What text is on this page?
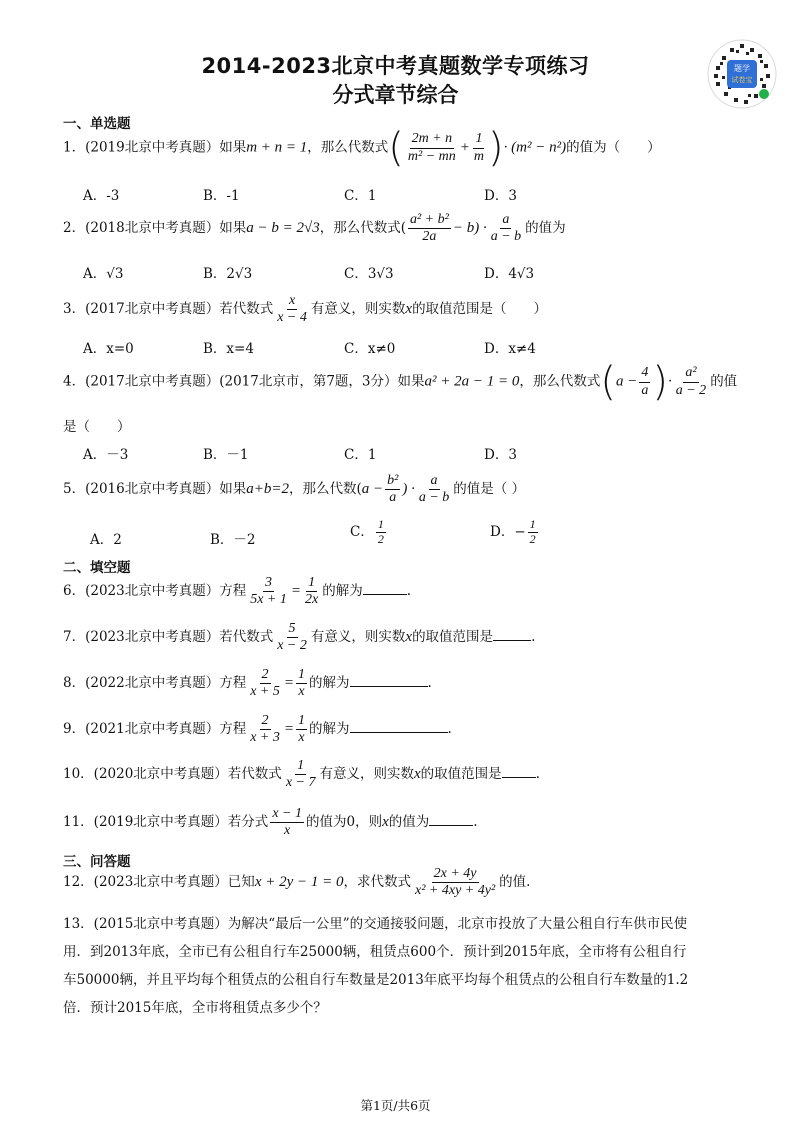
2014-2023北京中考真题数学专项练习
分式章节综合
题学
试卷宝
一、单选题
1．(2019北京中考真题）如果m + n = 1，那么代数式( $\frac{2m + n}{\text{m² − mn}} + \frac{1}{m}$ )· (m² − n²)的值为（　　）
A．-3	B．-1	C．1	D．3
2．(2018北京中考真题）如果a − b = 2√3，那么代数式( $\frac{\text{a² + b²}}{2a} - b) \cdot \frac{a}{a - b}$ 的值为
A．√3	B．2√3	C．3√3	D．4√3
3．(2017北京中考真题）若代数式 $\frac{x}{x - 4}$ 有意义，则实数x的取值范围是（　　）
A．x=0	B．x=4	C．x≠0	D．x≠4
4．(2017北京中考真题）(2017北京市，第7题，3分）如果a² + 2a − 1 = 0，那么代数式($a - \frac{4}{a}$ )· $\frac{\text{a²}}{a - 2}$ 的值
是（　　）
A．－3	B．－1	C．1	D．3
5．(2016北京中考真题）如果a+b=2，那么代数($a - \frac{\text{b²}}{a}$ ) · $\frac{a}{a - b}$ 的值是（ ）
A．2	B．－2
C． $\frac{1}{2}$	D．− $\frac{1}{2}$
二、填空题
6．(2023北京中考真题）方程 $\frac{3}{5x + 1} = \frac{1}{2x}$ 的解为	.
7．(2023北京中考真题）若代数式 $\frac{5}{x - 2}$ 有意义，则实数x的取值范围是	.
8．(2022北京中考真题）方程 $\frac{2}{x + 5} = \frac{1}{x}$ 的解为	.
9．(2021北京中考真题）方程 $\frac{2}{x + 3} = \frac{1}{x}$ 的解为	.
10．(2020北京中考真题）若代数式 $\frac{1}{x - 7}$ 有意义，则实数x的取值范围是	.
11．(2019北京中考真题）若分式 $\frac{x - 1}{x}$ 的值为0，则x的值为	.
三、问答题
12．(2023北京中考真题）已知x + 2y − 1 = 0，求代数式 $\frac{2x + 4y}{\text{x² + 4xy + 4y²}}$ 的值.
13．(2015北京中考真题）为解决“最后一公里”的交通接驳问题，北京市投放了大量公租自行车供市民使
用．到2013年底，全市已有公租自行车25000辆，租赁点600个．预计到2015年底，全市将有公租自行
车50000辆，并且平均每个租赁点的公租自行车数量是2013年底平均每个租赁点的公租自行车数量的1.2
倍．预计2015年底，全市将租赁点多少个？
第1页/共6页
